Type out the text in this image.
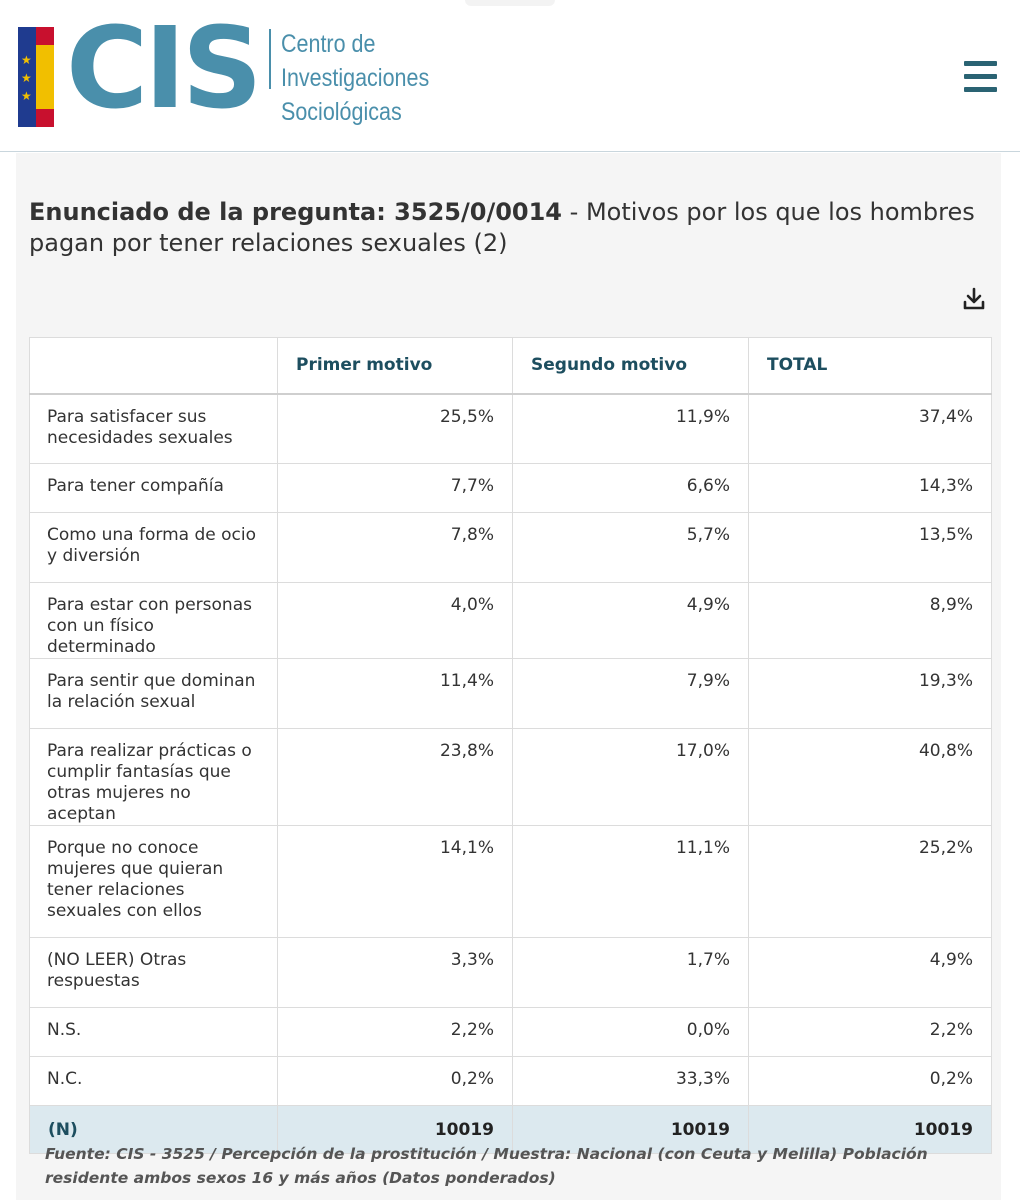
★
★
★ CIS Centro de
Investigaciones
Sociológicas
Enunciado de la pregunta: 3525/0/0014 - Motivos por los que los hombres pagan por tener relaciones sexuales (2)
	Primer motivo	Segundo motivo	TOTAL
Para satisfacer sus necesidades sexuales	25,5%	11,9%	37,4%
Para tener compañía	7,7%	6,6%	14,3%
Como una forma de ocio y diversión	7,8%	5,7%	13,5%
Para estar con personas con un físico determinado	4,0%	4,9%	8,9%
Para sentir que dominan la relación sexual	11,4%	7,9%	19,3%
Para realizar prácticas o cumplir fantasías que otras mujeres no aceptan	23,8%	17,0%	40,8%
Porque no conoce mujeres que quieran tener relaciones sexuales con ellos	14,1%	11,1%	25,2%
(NO LEER) Otras respuestas	3,3%	1,7%	4,9%
N.S.	2,2%	0,0%	2,2%
N.C.	0,2%	33,3%	0,2%
(N)	10019	10019	10019
Fuente: CIS - 3525 / Percepción de la prostitución / Muestra: Nacional (con Ceuta y Melilla) Población residente ambos sexos 16 y más años (Datos ponderados)
